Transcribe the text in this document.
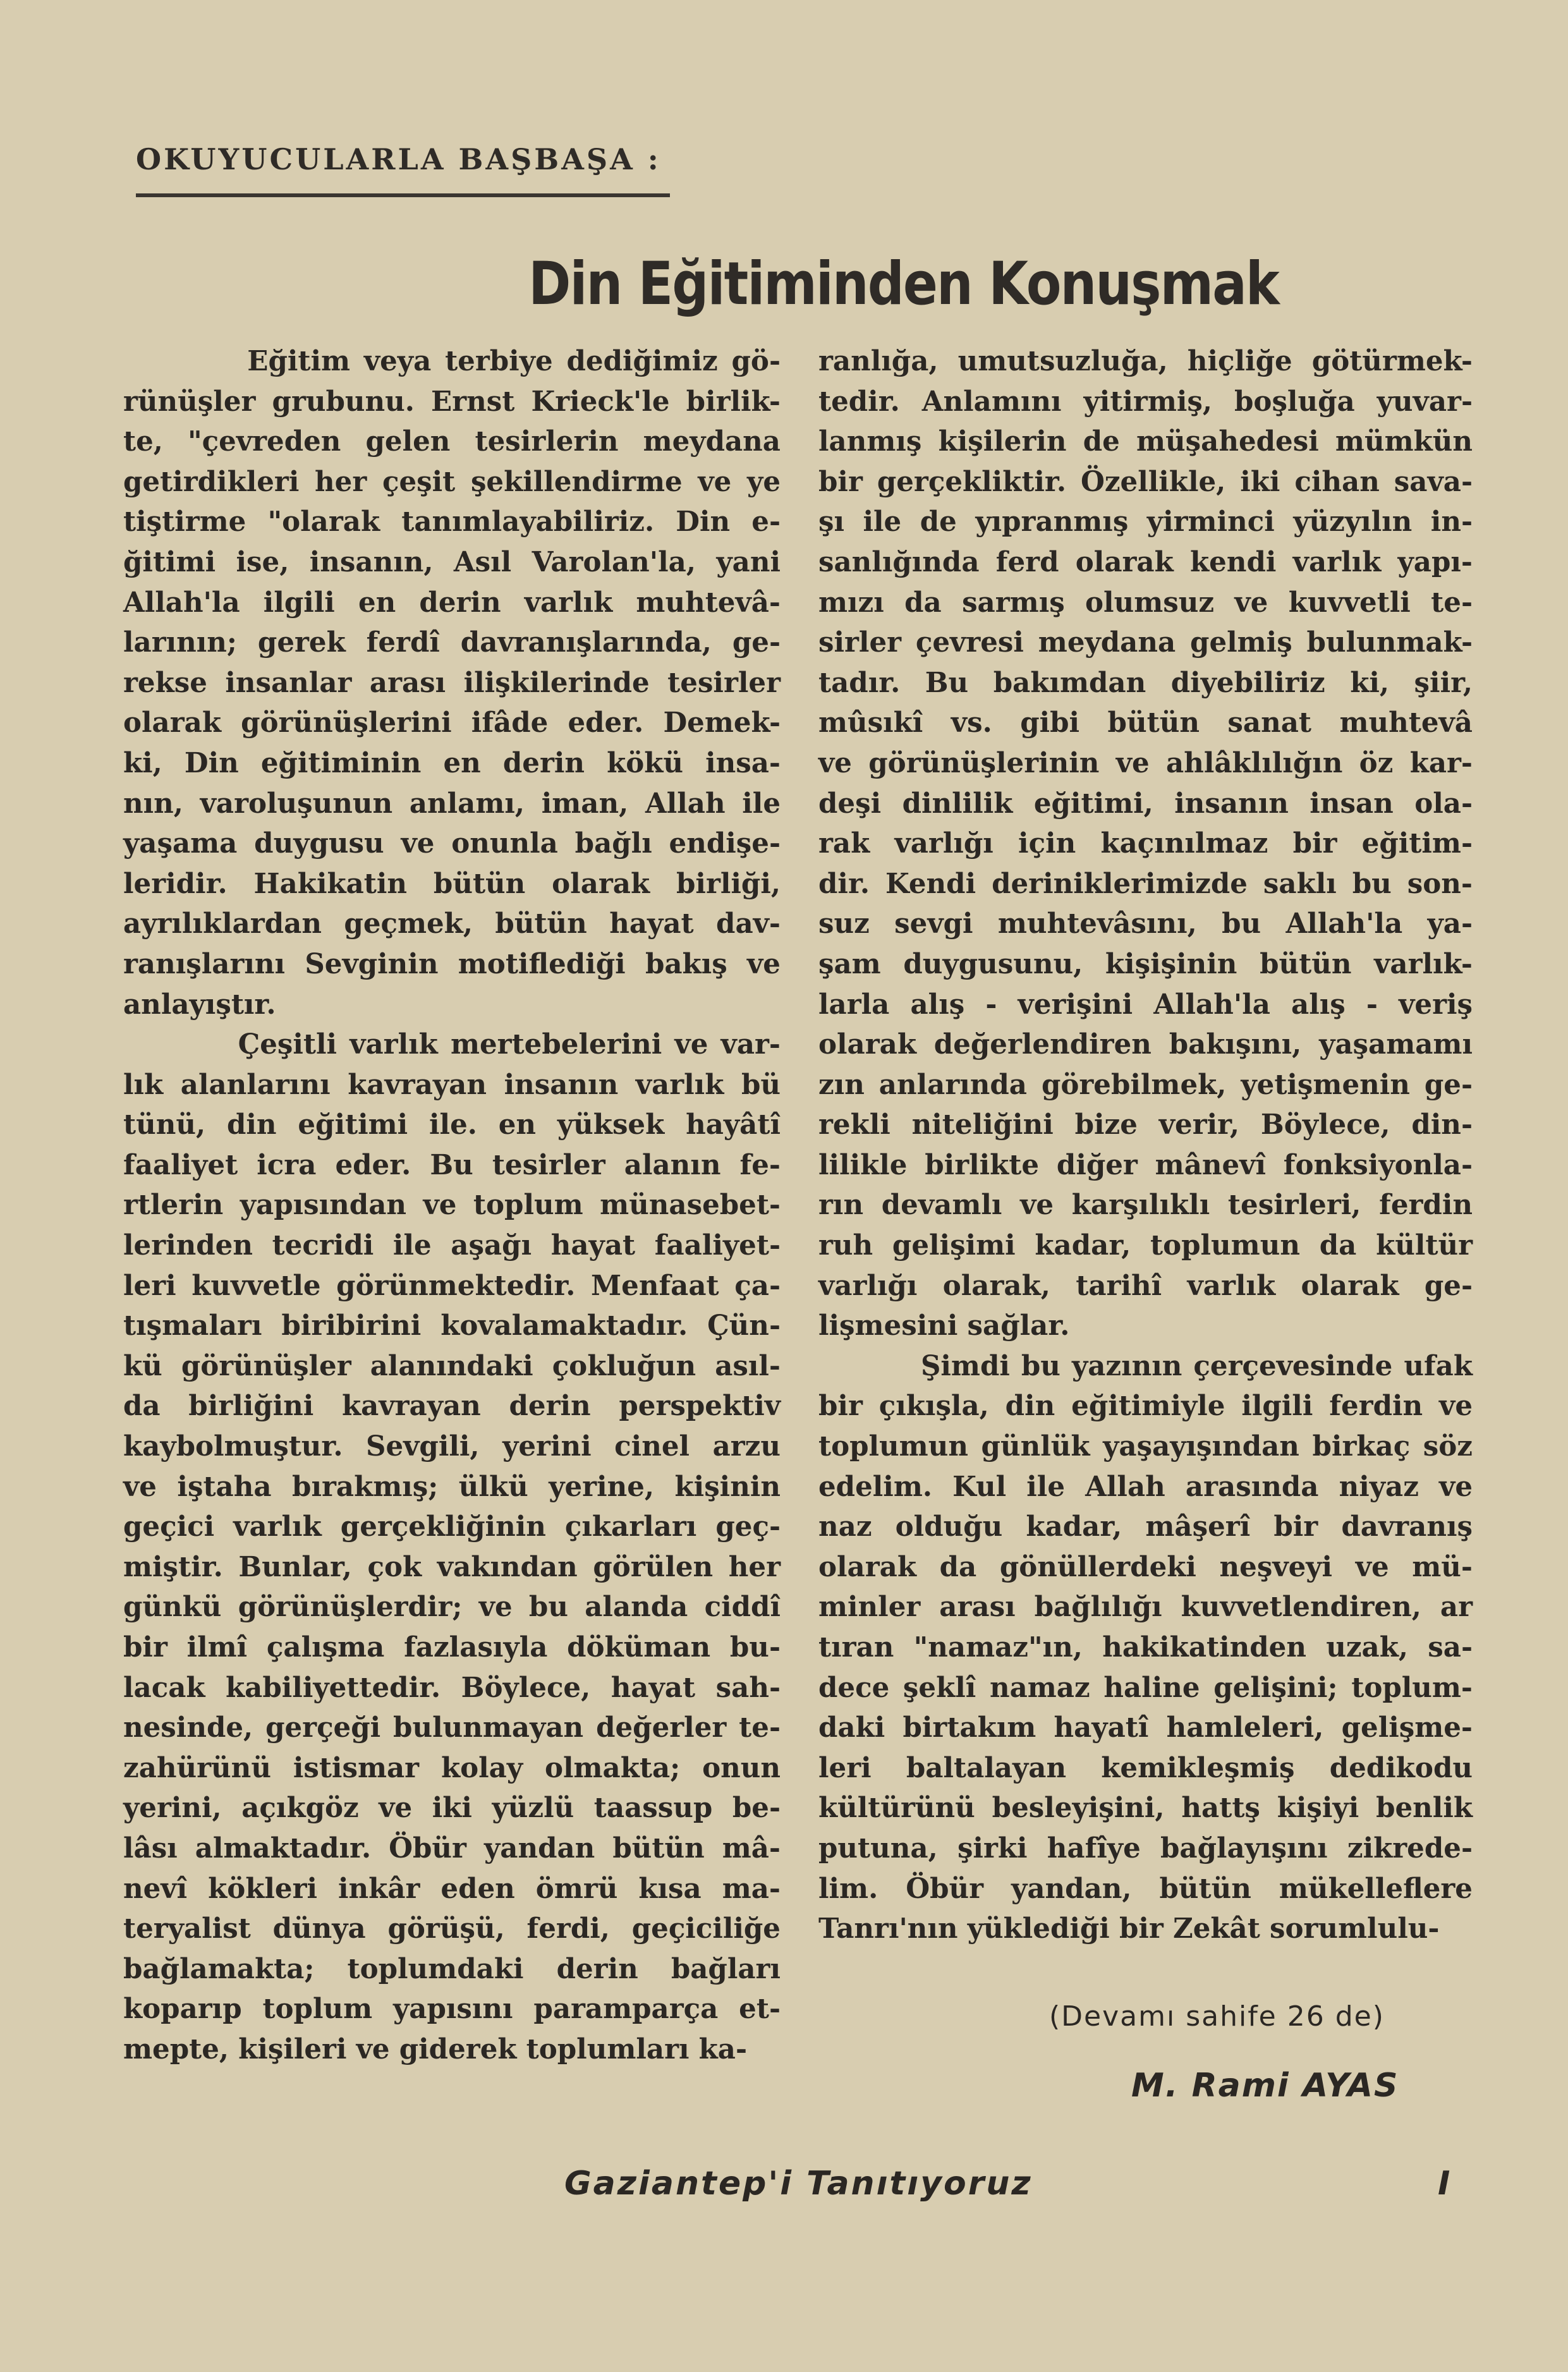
OKUYUCULARLA BAŞBAŞA :
Din Eğitiminden Konuşmak

Eğitim veya terbiye dediğimiz gö-

rünüşler grubunu. Ernst Krieck'le birlik-

te, "çevreden gelen tesirlerin meydana

getirdikleri her çeşit şekillendirme ve ye

tiştirme "olarak tanımlayabiliriz. Din e-

ğitimi ise, insanın, Asıl Varolan'la, yani

Allah'la ilgili en derin varlık muhtevâ-

larının; gerek ferdî davranışlarında, ge-

rekse insanlar arası ilişkilerinde tesirler

olarak görünüşlerini ifâde eder. Demek-

ki, Din eğitiminin en derin kökü insa-

nın, varoluşunun anlamı, iman, Allah ile

yaşama duygusu ve onunla bağlı endişe-

leridir. Hakikatin bütün olarak birliği,

ayrılıklardan geçmek, bütün hayat dav-

ranışlarını Sevginin motiflediği bakış ve

anlayıştır.

Çeşitli varlık mertebelerini ve var-

lık alanlarını kavrayan insanın varlık bü

tünü, din eğitimi ile. en yüksek hayâtî

faaliyet icra eder. Bu tesirler alanın fe-

rtlerin yapısından ve toplum münasebet-

lerinden tecridi ile aşağı hayat faaliyet-

leri kuvvetle görünmektedir. Menfaat ça-

tışmaları biribirini kovalamaktadır. Çün-

kü görünüşler alanındaki çokluğun asıl-

da birliğini kavrayan derin perspektiv

kaybolmuştur. Sevgili, yerini cinel arzu

ve iştaha bırakmış; ülkü yerine, kişinin

geçici varlık gerçekliğinin çıkarları geç-

miştir. Bunlar, çok vakından görülen her

günkü görünüşlerdir; ve bu alanda ciddî

bir ilmî çalışma fazlasıyla döküman bu-

lacak kabiliyettedir. Böylece, hayat sah-

nesinde, gerçeği bulunmayan değerler te-

zahürünü istismar kolay olmakta; onun

yerini, açıkgöz ve iki yüzlü taassup be-

lâsı almaktadır. Öbür yandan bütün mâ-

nevî kökleri inkâr eden ömrü kısa ma-

teryalist dünya görüşü, ferdi, geçiciliğe

bağlamakta; toplumdaki derin bağları

koparıp toplum yapısını paramparça et-

mepte, kişileri ve giderek toplumları ka-

ranlığa, umutsuzluğa, hiçliğe götürmek-

tedir. Anlamını yitirmiş, boşluğa yuvar-

lanmış kişilerin de müşahedesi mümkün

bir gerçekliktir. Özellikle, iki cihan sava-

şı ile de yıpranmış yirminci yüzyılın in-

sanlığında ferd olarak kendi varlık yapı-

mızı da sarmış olumsuz ve kuvvetli te-

sirler çevresi meydana gelmiş bulunmak-

tadır. Bu bakımdan diyebiliriz ki, şiir,

mûsıkî vs. gibi bütün sanat muhtevâ

ve görünüşlerinin ve ahlâklılığın öz kar-

deşi dinlilik eğitimi, insanın insan ola-

rak varlığı için kaçınılmaz bir eğitim-

dir. Kendi deriniklerimizde saklı bu son-

suz sevgi muhtevâsını, bu Allah'la ya-

şam duygusunu, kişişinin bütün varlık-

larla alış - verişini Allah'la alış - veriş

olarak değerlendiren bakışını, yaşamamı

zın anlarında görebilmek, yetişmenin ge-

rekli niteliğini bize verir, Böylece, din-

lilikle birlikte diğer mânevî fonksiyonla-

rın devamlı ve karşılıklı tesirleri, ferdin

ruh gelişimi kadar, toplumun da kültür

varlığı olarak, tarihî varlık olarak ge-

lişmesini sağlar.

Şimdi bu yazının çerçevesinde ufak

bir çıkışla, din eğitimiyle ilgili ferdin ve

toplumun günlük yaşayışından birkaç söz

edelim. Kul ile Allah arasında niyaz ve

naz olduğu kadar, mâşerî bir davranış

olarak da gönüllerdeki neşveyi ve mü-

minler arası bağlılığı kuvvetlendiren, ar

tıran "namaz"ın, hakikatinden uzak, sa-

dece şeklî namaz haline gelişini; toplum-

daki birtakım hayatî hamleleri, gelişme-

leri baltalayan kemikleşmiş dedikodu

kültürünü besleyişini, hattş kişiyi benlik

putuna, şirki hafîye bağlayışını zikrede-

lim. Öbür yandan, bütün mükelleflere

Tanrı'nın yüklediği bir Zekât sorumlulu-

(Devamı sahife 26 de)
M. Rami AYAS
Gaziantep'i Tanıtıyoruz	I
